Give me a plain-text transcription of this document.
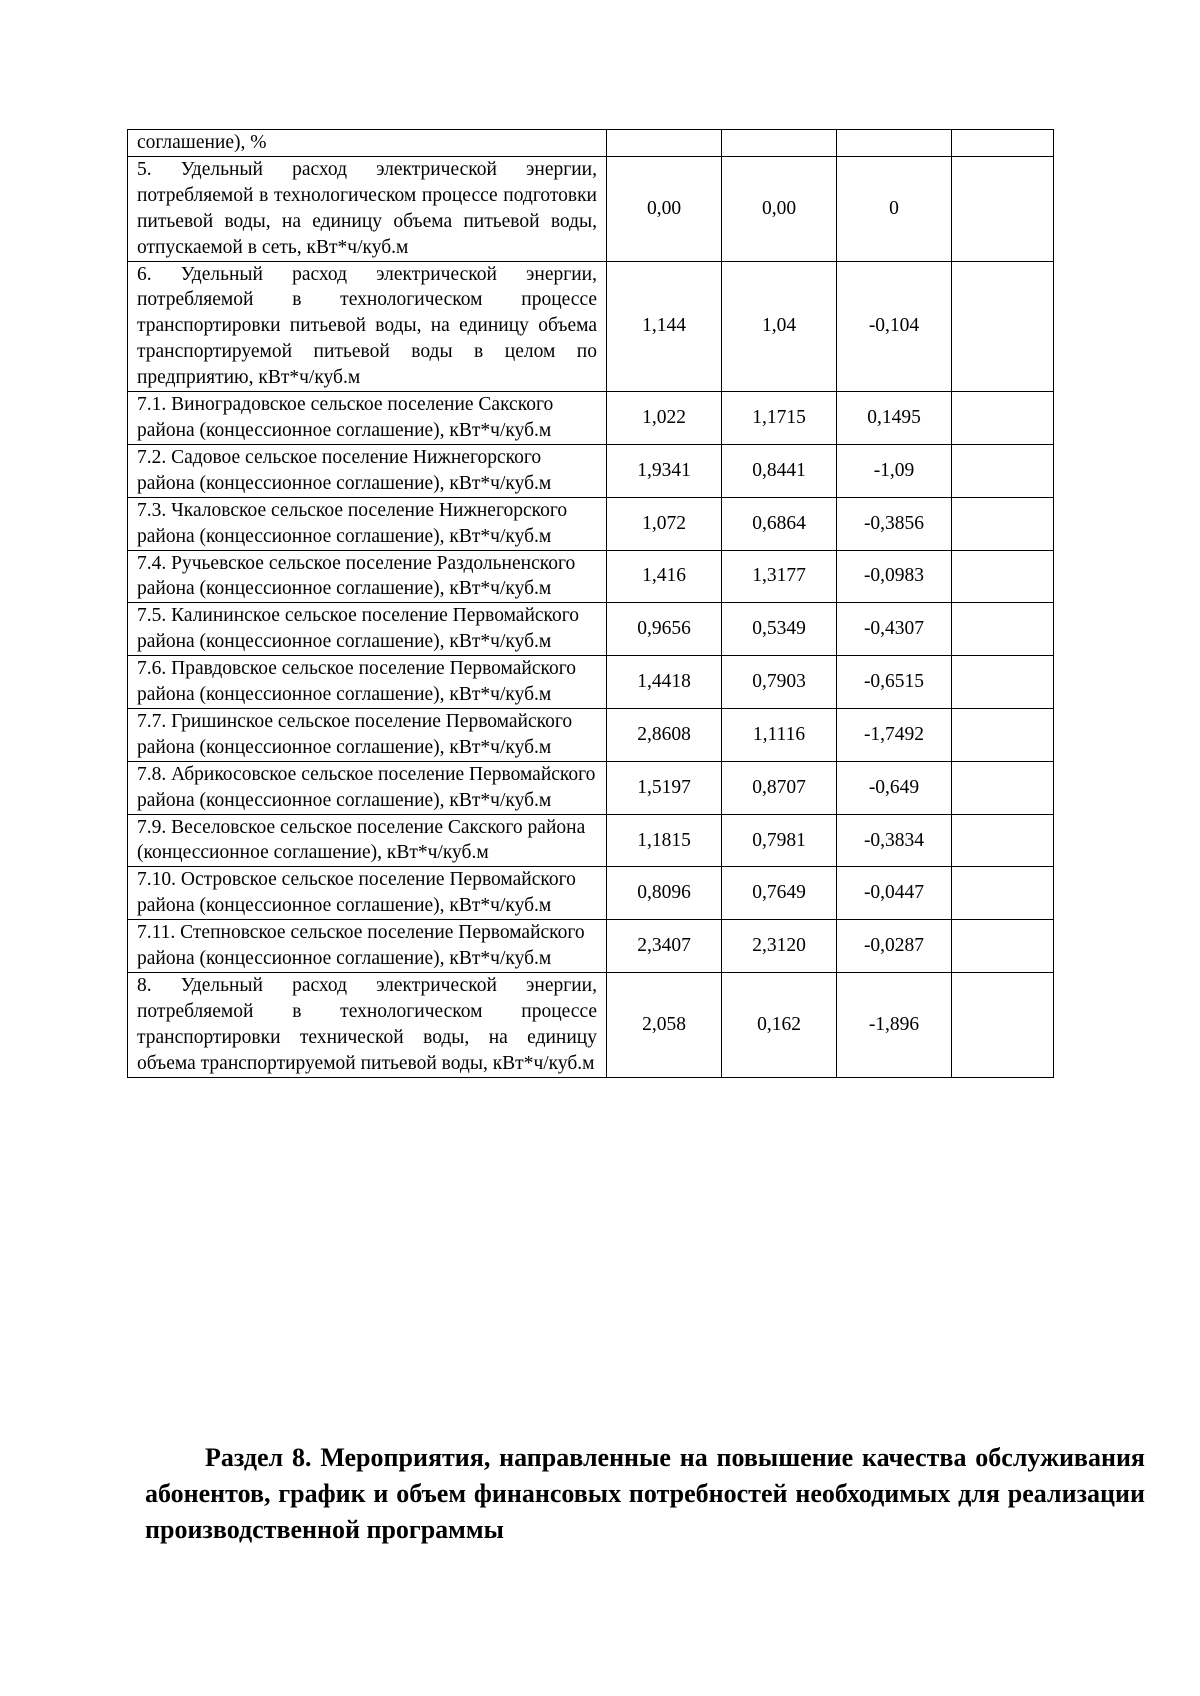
соглашение), %				
5. Удельный расход электрической энергии, потребляемой в технологическом процессе подготовки питьевой воды, на единицу объема питьевой воды, отпускаемой в сеть, кВт*ч/куб.м	0,00	0,00	0	
6. Удельный расход электрической энергии, потребляемой в технологическом процессе транспортировки питьевой воды, на единицу объема транспортируемой питьевой воды в целом по предприятию, кВт*ч/куб.м	1,144	1,04	-0,104	
7.1. Виноградовское сельское поселение Сакского района (концессионное соглашение), кВт*ч/куб.м	1,022	1,1715	0,1495	
7.2. Садовое сельское поселение Нижнегорского района (концессионное соглашение), кВт*ч/куб.м	1,9341	0,8441	-1,09	
7.3. Чкаловское сельское поселение Нижнегорского района (концессионное соглашение), кВт*ч/куб.м	1,072	0,6864	-0,3856	
7.4. Ручьевское сельское поселение Раздольненского района (концессионное соглашение), кВт*ч/куб.м	1,416	1,3177	-0,0983	
7.5. Калининское сельское поселение Первомайского района (концессионное соглашение), кВт*ч/куб.м	0,9656	0,5349	-0,4307	
7.6. Правдовское сельское поселение Первомайского района (концессионное соглашение), кВт*ч/куб.м	1,4418	0,7903	-0,6515	
7.7. Гришинское сельское поселение Первомайского района (концессионное соглашение), кВт*ч/куб.м	2,8608	1,1116	-1,7492	
7.8. Абрикосовское сельское поселение Первомайского района (концессионное соглашение), кВт*ч/куб.м	1,5197	0,8707	-0,649	
7.9. Веселовское сельское поселение Сакского района (концессионное соглашение), кВт*ч/куб.м	1,1815	0,7981	-0,3834	
7.10. Островское сельское поселение Первомайского района (концессионное соглашение), кВт*ч/куб.м	0,8096	0,7649	-0,0447	
7.11. Степновское сельское поселение Первомайского района (концессионное соглашение), кВт*ч/куб.м	2,3407	2,3120	-0,0287	
8. Удельный расход электрической энергии, потребляемой в технологическом процессе транспортировки технической воды, на единицу объема транспортируемой питьевой воды, кВт*ч/куб.м	2,058	0,162	-1,896	

Раздел 8. Мероприятия, направленные на повышение качества обслуживания абонентов, график и объем финансовых потребностей необходимых для реализации производственной программы
